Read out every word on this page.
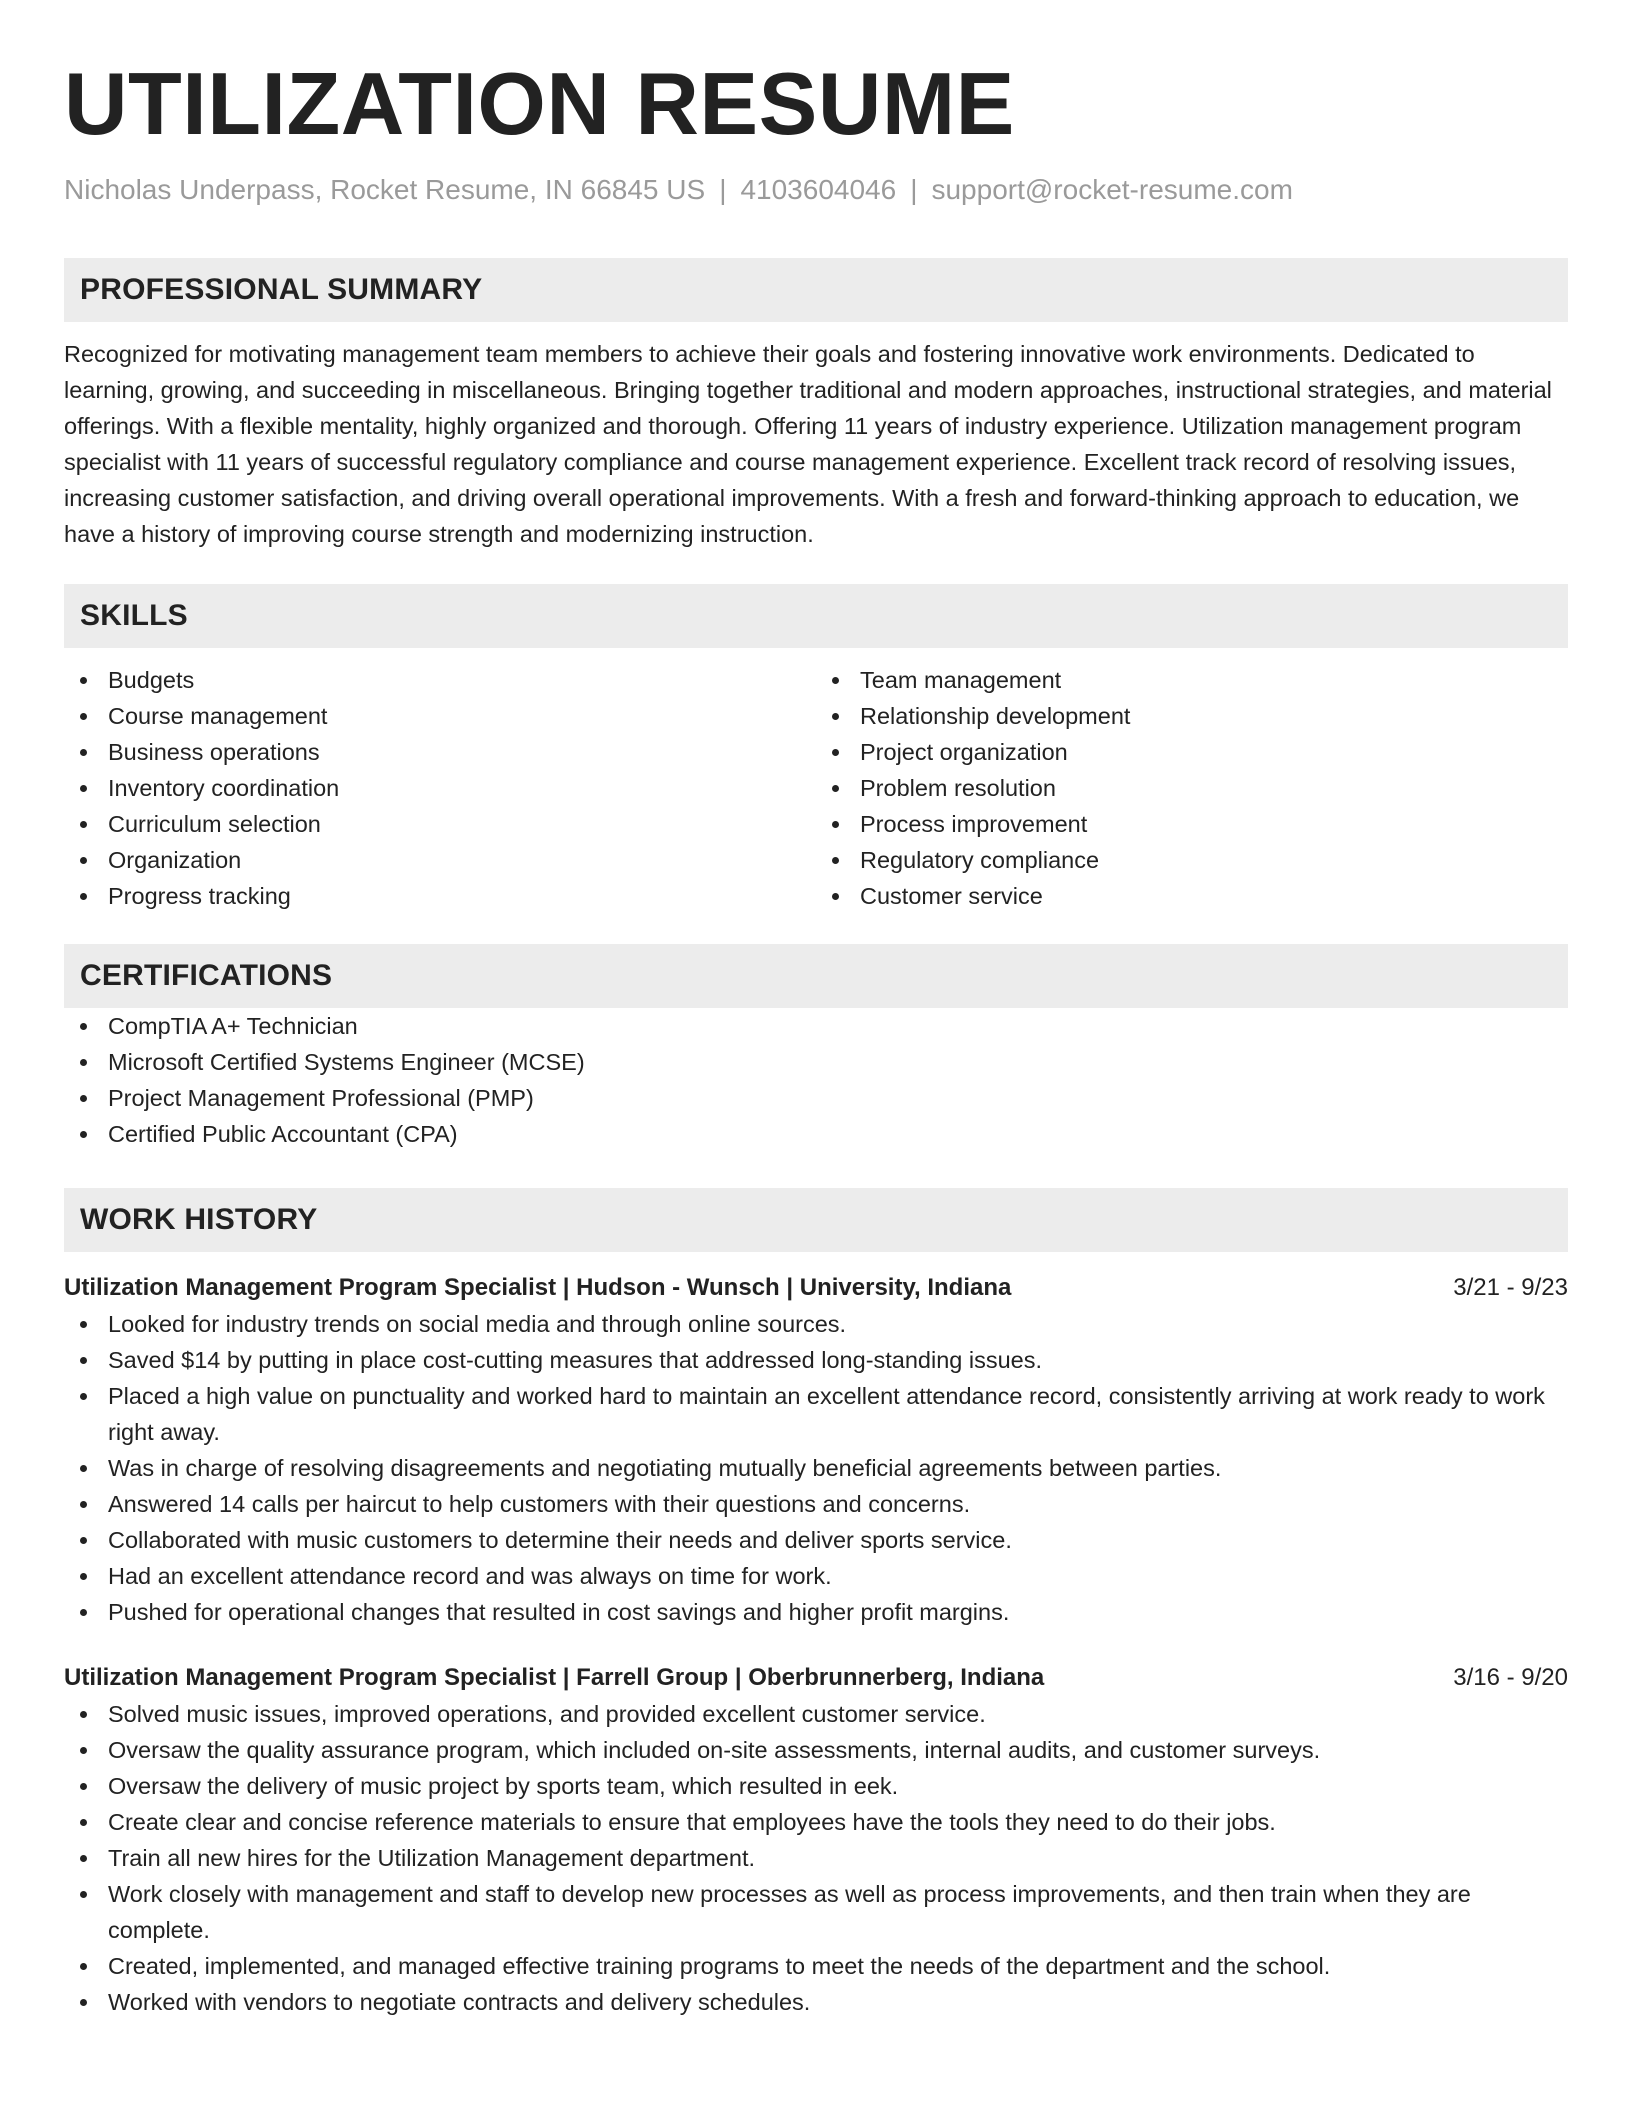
UTILIZATION RESUME
Nicholas Underpass, Rocket Resume, IN 66845 US | 4103604046 | support@rocket-resume.com
PROFESSIONAL SUMMARY

Recognized for motivating management team members to achieve their goals and fostering innovative work environments. Dedicated to learning, growing, and succeeding in miscellaneous. Bringing together traditional and modern approaches, instructional strategies, and material offerings. With a flexible mentality, highly organized and thorough. Offering 11 years of industry experience. Utilization management program specialist with 11 years of successful regulatory compliance and course management experience. Excellent track record of resolving issues, increasing customer satisfaction, and driving overall operational improvements. With a fresh and forward-thinking approach to education, we have a history of improving course strength and modernizing instruction.

SKILLS
Budgets
Course management
Business operations
Inventory coordination
Curriculum selection
Organization
Progress tracking
Team management
Relationship development
Project organization
Problem resolution
Process improvement
Regulatory compliance
Customer service
CERTIFICATIONS
CompTIA A+ Technician
Microsoft Certified Systems Engineer (MCSE)
Project Management Professional (PMP)
Certified Public Accountant (CPA)
WORK HISTORY
Utilization Management Program Specialist | Hudson - Wunsch | University, Indiana	3/21 - 9/23
Looked for industry trends on social media and through online sources.
Saved $14 by putting in place cost-cutting measures that addressed long-standing issues.
Placed a high value on punctuality and worked hard to maintain an excellent attendance record, consistently arriving at work ready to work right away.
Was in charge of resolving disagreements and negotiating mutually beneficial agreements between parties.
Answered 14 calls per haircut to help customers with their questions and concerns.
Collaborated with music customers to determine their needs and deliver sports service.
Had an excellent attendance record and was always on time for work.
Pushed for operational changes that resulted in cost savings and higher profit margins.
Utilization Management Program Specialist | Farrell Group | Oberbrunnerberg, Indiana	3/16 - 9/20
Solved music issues, improved operations, and provided excellent customer service.
Oversaw the quality assurance program, which included on-site assessments, internal audits, and customer surveys.
Oversaw the delivery of music project by sports team, which resulted in eek.
Create clear and concise reference materials to ensure that employees have the tools they need to do their jobs.
Train all new hires for the Utilization Management department.
Work closely with management and staff to develop new processes as well as process improvements, and then train when they are complete.
Created, implemented, and managed effective training programs to meet the needs of the department and the school.
Worked with vendors to negotiate contracts and delivery schedules.
